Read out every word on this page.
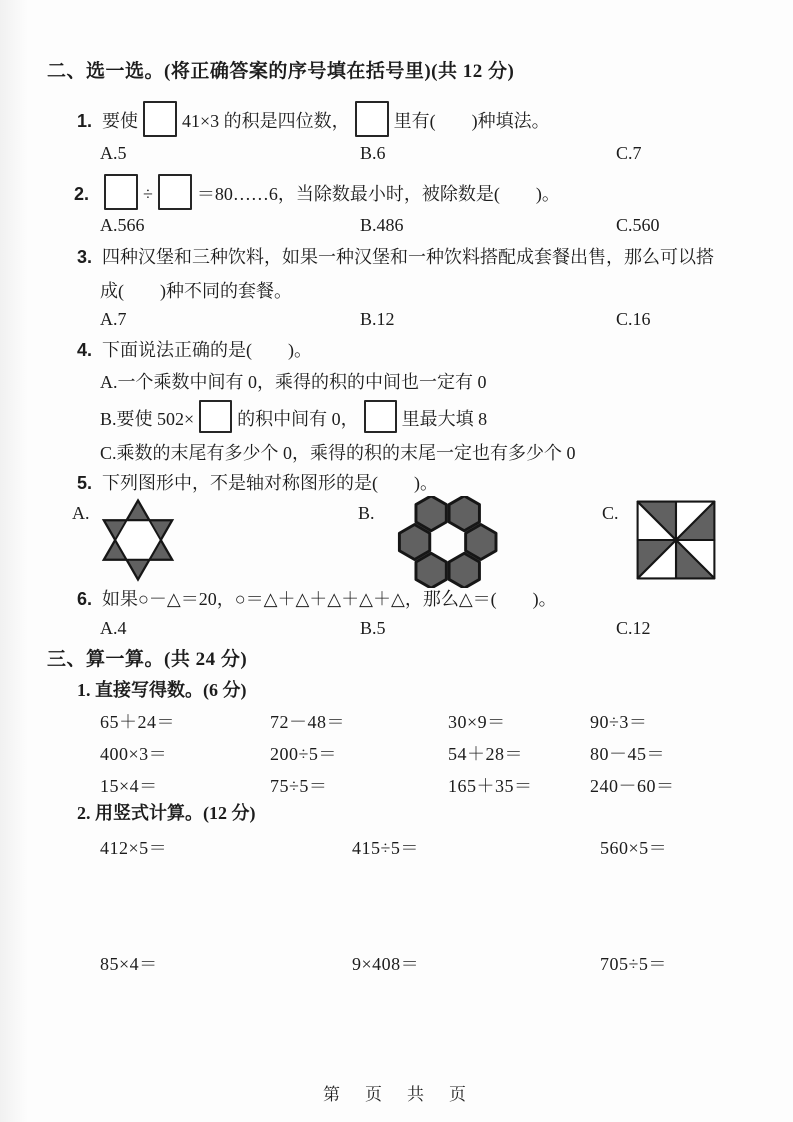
二、选一选。(将正确答案的序号填在括号里)(共 12 分)
1. 要使 41×3 的积是四位数， 里有(　　)种填法。
A.5	B.6	C.7
2.	÷ ＝80……6，当除数最小时，被除数是(　　)。
A.566	B.486	C.560
3. 四种汉堡和三种饮料，如果一种汉堡和一种饮料搭配成套餐出售，那么可以搭
成(　　)种不同的套餐。
A.7	B.12	C.16
4. 下面说法正确的是(　　)。
A.一个乘数中间有 0，乘得的积的中间也一定有 0
B.要使 502× 的积中间有 0， 里最大填 8
C.乘数的末尾有多少个 0，乘得的积的末尾一定也有多少个 0
5. 下列图形中，不是轴对称图形的是(　　)。
A.	B.	C.
6. 如果○－△＝20，○＝△＋△＋△＋△＋△，那么△＝(　　)。
A.4	B.5	C.12
三、算一算。(共 24 分)
1. 直接写得数。(6 分)
65＋24＝	72－48＝	30×9＝	90÷3＝
400×3＝	200÷5＝	54＋28＝	80－45＝
15×4＝	75÷5＝	165＋35＝	240－60＝
2. 用竖式计算。(12 分)
412×5＝	415÷5＝	560×5＝
85×4＝	9×408＝	705÷5＝
第　页　共　页
